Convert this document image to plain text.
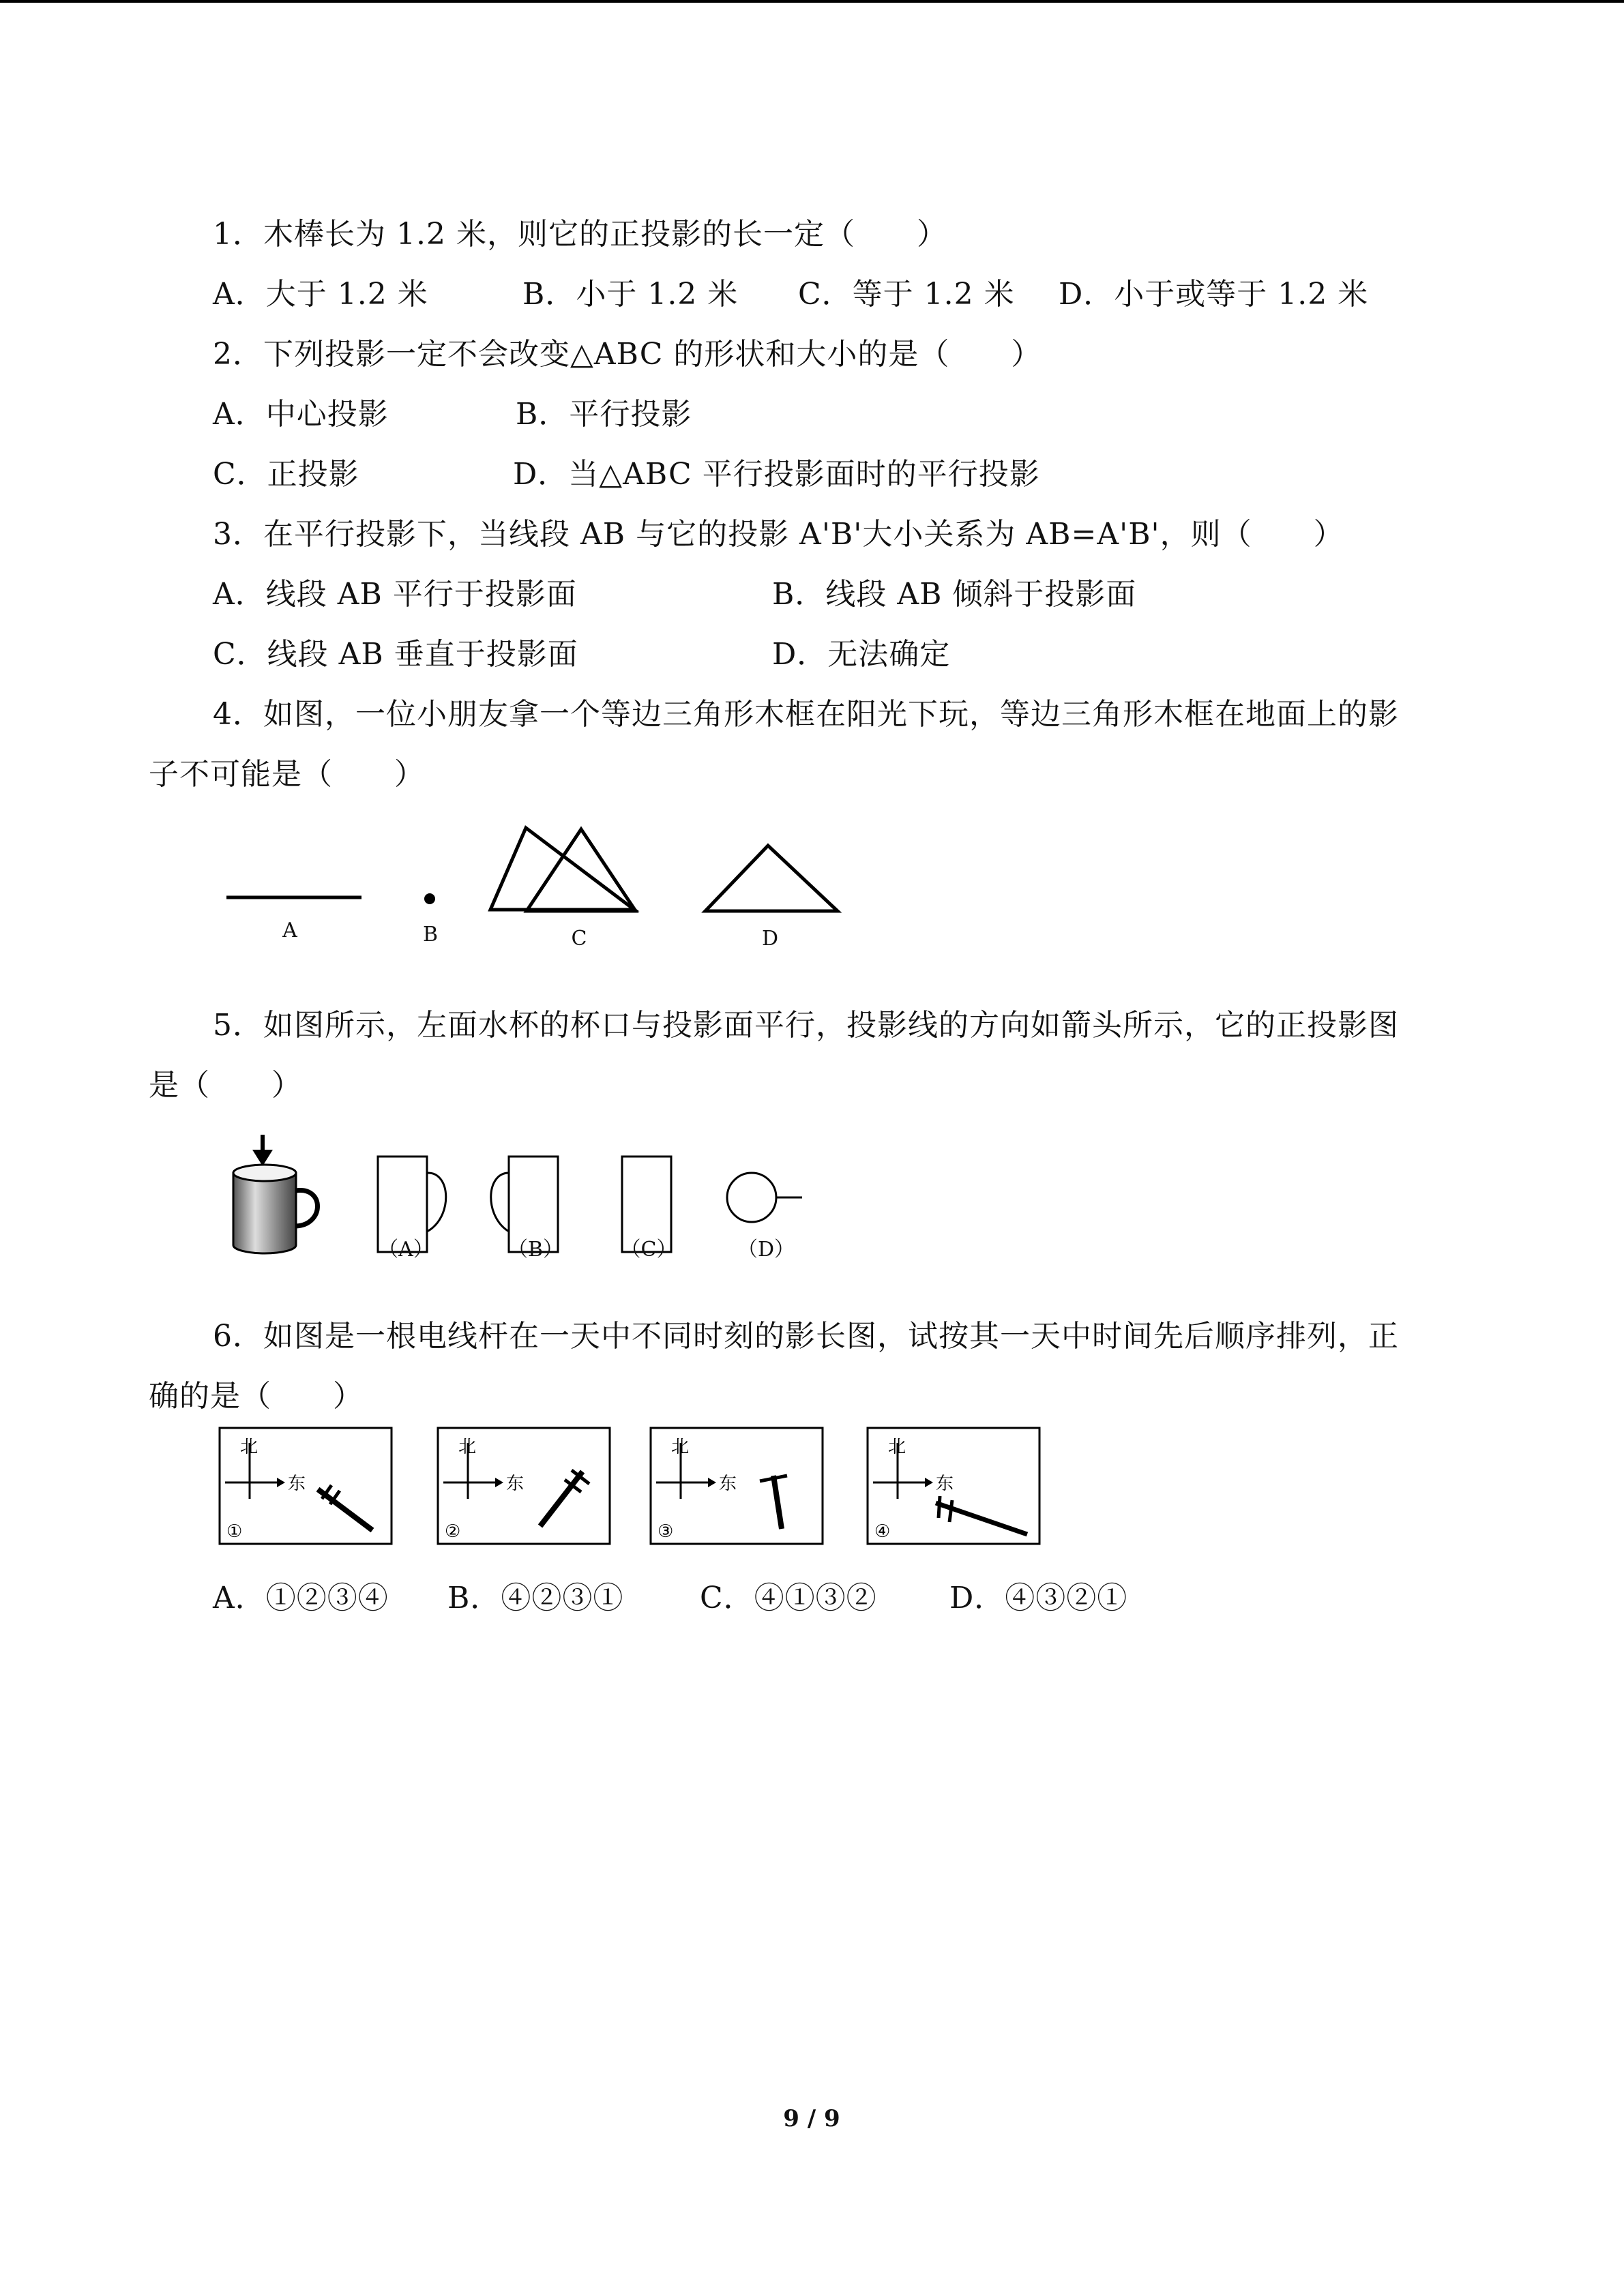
1．木棒长为 1.2 米，则它的正投影的长一定（　　）
A．大于 1.2 米	B．小于 1.2 米 C．等于 1.2 米 D．小于或等于 1.2 米
2．下列投影一定不会改变△ABC 的形状和大小的是（　　）
A．中心投影	B．平行投影
C．正投影	D．当△ABC 平行投影面时的平行投影
3．在平行投影下，当线段 AB 与它的投影 A'B'大小关系为 AB=A'B'，则（　　）
A．线段 AB 平行于投影面	B．线段 AB 倾斜于投影面
C．线段 AB 垂直于投影面	D．无法确定
4．如图，一位小朋友拿一个等边三角形木框在阳光下玩，等边三角形木框在地面上的影
子不可能是（　　）
A	B	C	D
5．如图所示，左面水杯的杯口与投影面平行，投影线的方向如箭头所示，它的正投影图
是（　　）
（A）	（B）	（C）	（D）
6．如图是一根电线杆在一天中不同时刻的影长图，试按其一天中时间先后顺序排列，正
确的是（　　）
北
东
①
北
东
②
北
东
③
北
东
④
A．①②③④ B．④②③①	C．④①③② D．④③②①
9 / 9
